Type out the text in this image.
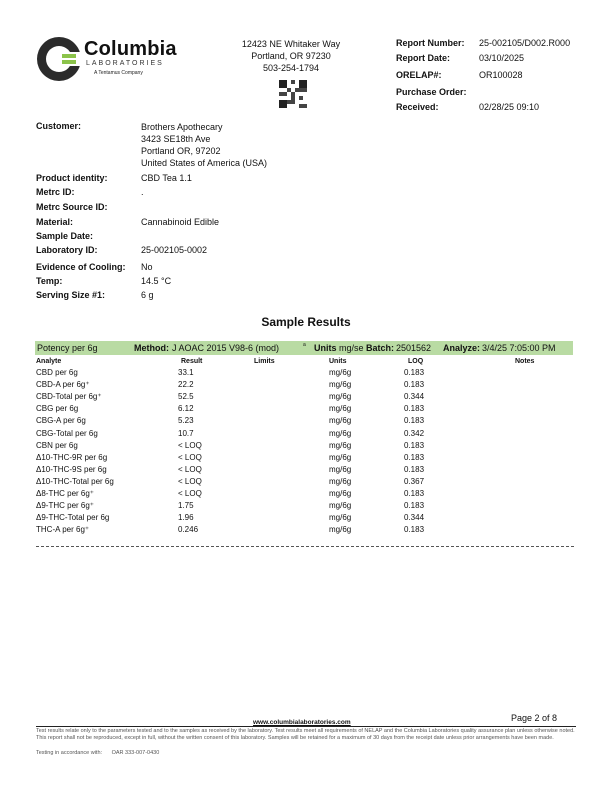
Columbia
LABORATORIES
A Tentamus Company
12423 NE Whitaker Way
Portland, OR 97230
503-254-1794
Report Number: 25-002105/D002.R000
Report Date:	03/10/2025
ORELAP#:	OR100028
Purchase Order:
Received:	02/28/25 09:10
Customer:	Brothers Apothecary
3423 SE18th Ave
Portland OR, 97202
United States of America (USA)
Product identity:	CBD Tea 1.1
Metrc ID:	.
Metrc Source ID:
Material:	Cannabinoid Edible
Sample Date:
Laboratory ID:	25-002105-0002
Evidence of Cooling: No
Temp:	14.5 °C
Serving Size #1:	6 g
Sample Results
Potency per 6g	Method: J AOAC 2015 V98-6 (mod)	a Units mg/se Batch: 2501562 Analyze: 3/4/25 7:05:00 PM
Analyte	Result	Limits	Units	LOQ	Notes
CBD per 6g	33.1	mg/6g	0.183
CBD-A per 6g⁺	22.2	mg/6g	0.183
CBD-Total per 6g⁺	52.5	mg/6g	0.344
CBG per 6g	6.12	mg/6g	0.183
CBG-A per 6g	5.23	mg/6g	0.183
CBG-Total per 6g	10.7	mg/6g	0.342
CBN per 6g	< LOQ	mg/6g	0.183
Δ10-THC-9R per 6g	< LOQ	mg/6g	0.183
Δ10-THC-9S per 6g	< LOQ	mg/6g	0.183
Δ10-THC-Total per 6g	< LOQ	mg/6g	0.367
Δ8-THC per 6g⁺	< LOQ	mg/6g	0.183
Δ9-THC per 6g⁺	1.75	mg/6g	0.183
Δ9-THC-Total per 6g	1.96	mg/6g	0.344
THC-A per 6g⁺	0.246	mg/6g	0.183
Page 2 of 8
www.columbialaboratories.com
Test results relate only to the parameters tested and to the samples as received by the laboratory. Test results meet all requirements of NELAP and the Columbia Laboratories quality assurance plan unless otherwise noted. This report shall not be reproduced, except in full, without the written consent of this laboratory. Samples will be retained for a maximum of 30 days from the receipt date unless prior arrangements have been made.
Testing in accordance with: OAR 333-007-0430
